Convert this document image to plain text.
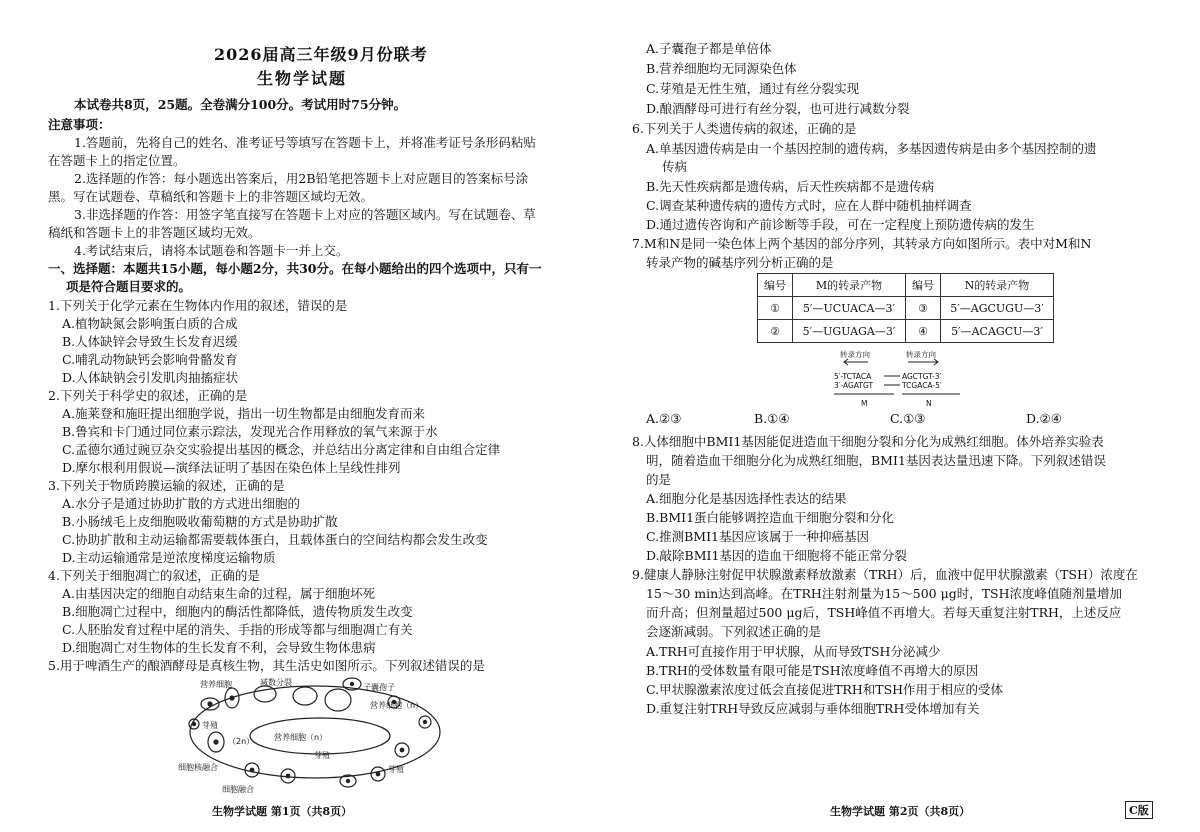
2026届高三年级9月份联考
生物学试题
本试卷共8页，25题。全卷满分100分。考试用时75分钟。
注意事项：
1.答题前，先将自己的姓名、准考证号等填写在答题卡上，并将准考证号条形码粘贴
在答题卡上的指定位置。
2.选择题的作答：每小题选出答案后，用2B铅笔把答题卡上对应题目的答案标号涂
黑。写在试题卷、草稿纸和答题卡上的非答题区域均无效。
3.非选择题的作答：用签字笔直接写在答题卡上对应的答题区域内。写在试题卷、草
稿纸和答题卡上的非答题区域均无效。
4.考试结束后，请将本试题卷和答题卡一并上交。
一、选择题：本题共15小题，每小题2分，共30分。在每小题给出的四个选项中，只有一
项是符合题目要求的。
1.下列关于化学元素在生物体内作用的叙述，错误的是
A.植物缺氮会影响蛋白质的合成
B.人体缺锌会导致生长发育迟缓
C.哺乳动物缺钙会影响骨骼发育
D.人体缺钠会引发肌肉抽搐症状
2.下列关于科学史的叙述，正确的是
A.施莱登和施旺提出细胞学说，指出一切生物都是由细胞发育而来
B.鲁宾和卡门通过同位素示踪法，发现光合作用释放的氧气来源于水
C.孟德尔通过豌豆杂交实验提出基因的概念，并总结出分离定律和自由组合定律
D.摩尔根利用假说—演绎法证明了基因在染色体上呈线性排列
3.下列关于物质跨膜运输的叙述，正确的是
A.水分子是通过协助扩散的方式进出细胞的
B.小肠绒毛上皮细胞吸收葡萄糖的方式是协助扩散
C.协助扩散和主动运输都需要载体蛋白，且载体蛋白的空间结构都会发生改变
D.主动运输通常是逆浓度梯度运输物质
4.下列关于细胞凋亡的叙述，正确的是
A.由基因决定的细胞自动结束生命的过程，属于细胞坏死
B.细胞凋亡过程中，细胞内的酶活性都降低，遗传物质发生改变
C.人胚胎发育过程中尾的消失、手指的形成等都与细胞凋亡有关
D.细胞凋亡对生物体的生长发育不利，会导致生物体患病
5.用于啤酒生产的酿酒酵母是真核生物，其生活史如图所示。下列叙述错误的是
营养细胞	减数分裂
子囊孢子
营养细胞（n）
芽殖
（2n） 营养细胞（n）
芽殖
芽殖
细胞核融合
细胞融合
生物学试题 第1页（共8页）
A.子囊孢子都是单倍体
B.营养细胞均无同源染色体
C.芽殖是无性生殖，通过有丝分裂实现
D.酿酒酵母可进行有丝分裂，也可进行减数分裂
6.下列关于人类遗传病的叙述，正确的是
A.单基因遗传病是由一个基因控制的遗传病，多基因遗传病是由多个基因控制的遗
传病
B.先天性疾病都是遗传病，后天性疾病都不是遗传病
C.调查某种遗传病的遗传方式时，应在人群中随机抽样调查
D.通过遗传咨询和产前诊断等手段，可在一定程度上预防遗传病的发生
7.M和N是同一染色体上两个基因的部分序列，其转录方向如图所示。表中对M和N
转录产物的碱基序列分析正确的是
A.②③	B.①④	C.①③	D.②④
8.人体细胞中BMI1基因能促进造血干细胞分裂和分化为成熟红细胞。体外培养实验表
明，随着造血干细胞分化为成熟红细胞，BMI1基因表达量迅速下降。下列叙述错误
的是
A.细胞分化是基因选择性表达的结果
B.BMI1蛋白能够调控造血干细胞分裂和分化
C.推测BMI1基因应该属于一种抑癌基因
D.敲除BMI1基因的造血干细胞将不能正常分裂
9.健康人静脉注射促甲状腺激素释放激素（TRH）后，血液中促甲状腺激素（TSH）浓度在
15～30 min达到高峰。在TRH注射剂量为15～500 μg时，TSH浓度峰值随剂量增加
而升高；但剂量超过500 μg后，TSH峰值不再增大。若每天重复注射TRH，上述反应
会逐渐减弱。下列叙述正确的是
A.TRH可直接作用于甲状腺，从而导致TSH分泌减少
B.TRH的受体数量有限可能是TSH浓度峰值不再增大的原因
C.甲状腺激素浓度过低会直接促进TRH和TSH作用于相应的受体
D.重复注射TRH导致反应减弱与垂体细胞TRH受体增加有关
编号	M的转录产物	编号	N的转录产物
①	5′—UCUACA—3′	③	5′—AGCUGU—3′
②	5′—UGUAGA—3′	④	5′—ACAGCU—3′
转录方向	转录方向
5′-TCTACA	AGCTGT-3′
3′-AGATGT	TCGACA-5′
M	N
生物学试题 第2页（共8页）	C版
